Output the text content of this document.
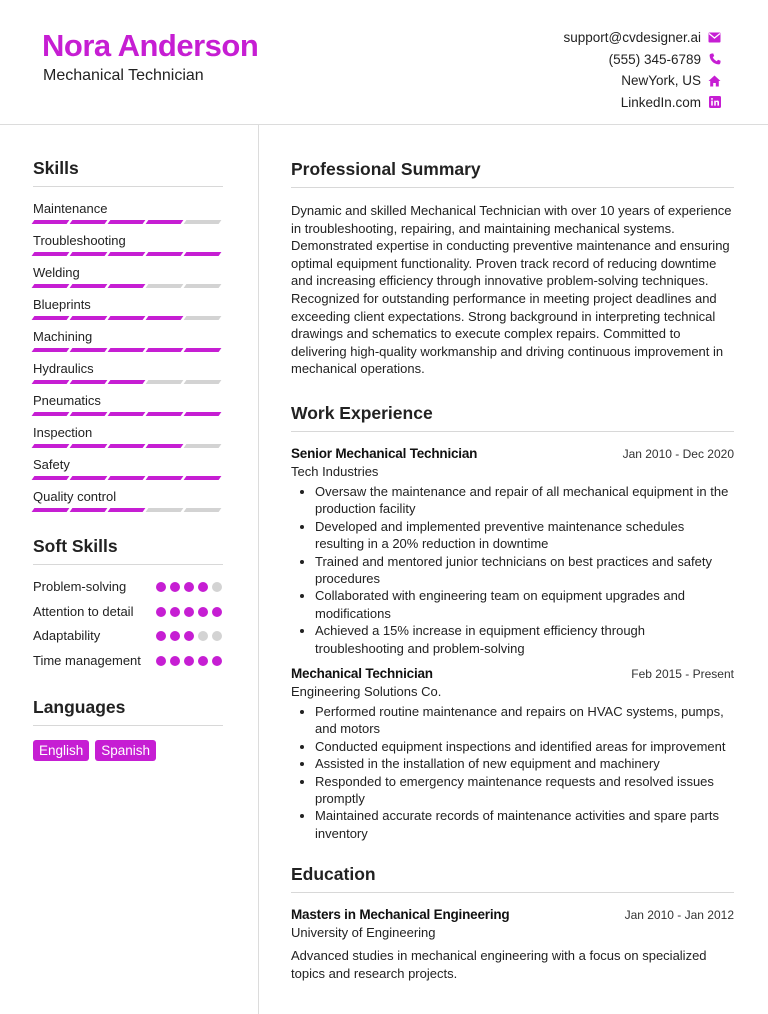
Nora Anderson
Mechanical Technician
support@cvdesigner.ai
(555) 345-6789
NewYork, US
LinkedIn.com
Skills
Maintenance
Troubleshooting
Welding
Blueprints
Machining
Hydraulics
Pneumatics
Inspection
Safety
Quality control
Soft Skills
Problem-solving
Attention to detail
Adaptability
Time management
Languages
English	Spanish
Professional Summary
Dynamic and skilled Mechanical Technician with over 10 years of experience in troubleshooting, repairing, and maintaining mechanical systems. Demonstrated expertise in conducting preventive maintenance and ensuring optimal equipment functionality. Proven track record of reducing downtime and increasing efficiency through innovative problem-solving techniques. Recognized for outstanding performance in meeting project deadlines and exceeding client expectations. Strong background in interpreting technical drawings and schematics to execute complex repairs. Committed to delivering high-quality workmanship and driving continuous improvement in mechanical operations.
Work Experience
Senior Mechanical Technician	Jan 2010 - Dec 2020
Tech Industries
• Oversaw the maintenance and repair of all mechanical equipment in the production facility
• Developed and implemented preventive maintenance schedules resulting in a 20% reduction in downtime
• Trained and mentored junior technicians on best practices and safety procedures
• Collaborated with engineering team on equipment upgrades and modifications
• Achieved a 15% increase in equipment efficiency through troubleshooting and problem-solving
Mechanical Technician	Feb 2015 - Present
Engineering Solutions Co.
• Performed routine maintenance and repairs on HVAC systems, pumps, and motors
• Conducted equipment inspections and identified areas for improvement
• Assisted in the installation of new equipment and machinery
• Responded to emergency maintenance requests and resolved issues promptly
• Maintained accurate records of maintenance activities and spare parts inventory
Education
Masters in Mechanical Engineering	Jan 2010 - Jan 2012
University of Engineering
Advanced studies in mechanical engineering with a focus on specialized topics and research projects.
